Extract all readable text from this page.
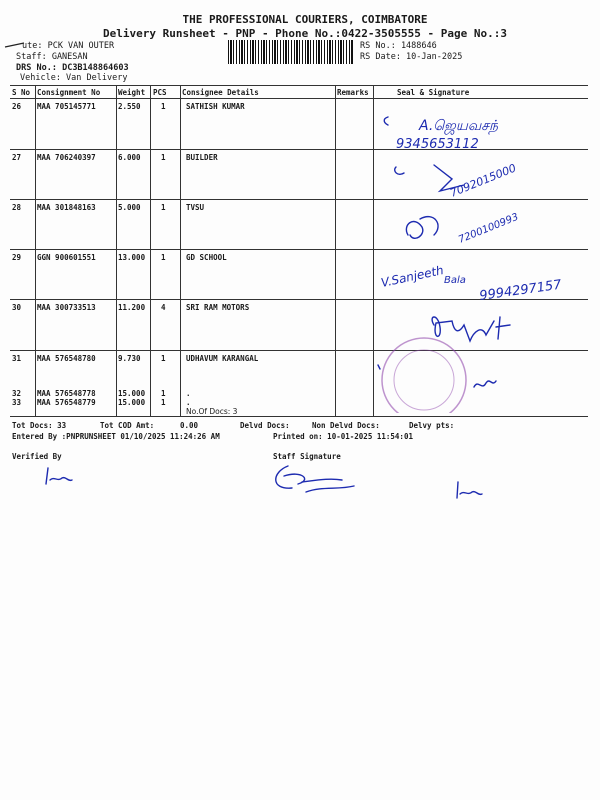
THE PROFESSIONAL COURIERS, COIMBATORE
Delivery Runsheet - PNP - Phone No.:0422-3505555 - Page No.:3
ute: PCK VAN OUTER
Staff: GANESAN
DRS No.: DC3B148864603
Vehicle: Van Delivery
RS No.: 1488646
RS Date: 10-Jan-2025
S No Consignment No Weight PCS Consignee Details	Remarks	Seal & Signature
26 MAA 705145771	2.550	1	SATHISH KUMAR
27 MAA 706240397	6.000	1	BUILDER
28 MAA 301848163	5.000	1	TVSU
29 GGN 900601551	13.000 1	GD SCHOOL
30 MAA 300733513	11.200 4	SRI RAM MOTORS
31 MAA 576548780	9.730	1	UDHAVUM KARANGAL
32 MAA 576548778	15.000 1	.
33 MAA 576548779	15.000 1	.
No.Of Docs: 3
A.ஜெயவசந்
9345653112
7092015000
7200100993
V.Sanjeeth Bala 9994297157
Tot Docs: 33	Tot COD Amt:	0.00	Delvd Docs:	Non Delvd Docs:	Delvy pts:
Entered By :PNPRUNSHEET 01/10/2025 11:24:26 AM	Printed on: 10-01-2025 11:54:01
Verified By	Staff Signature
